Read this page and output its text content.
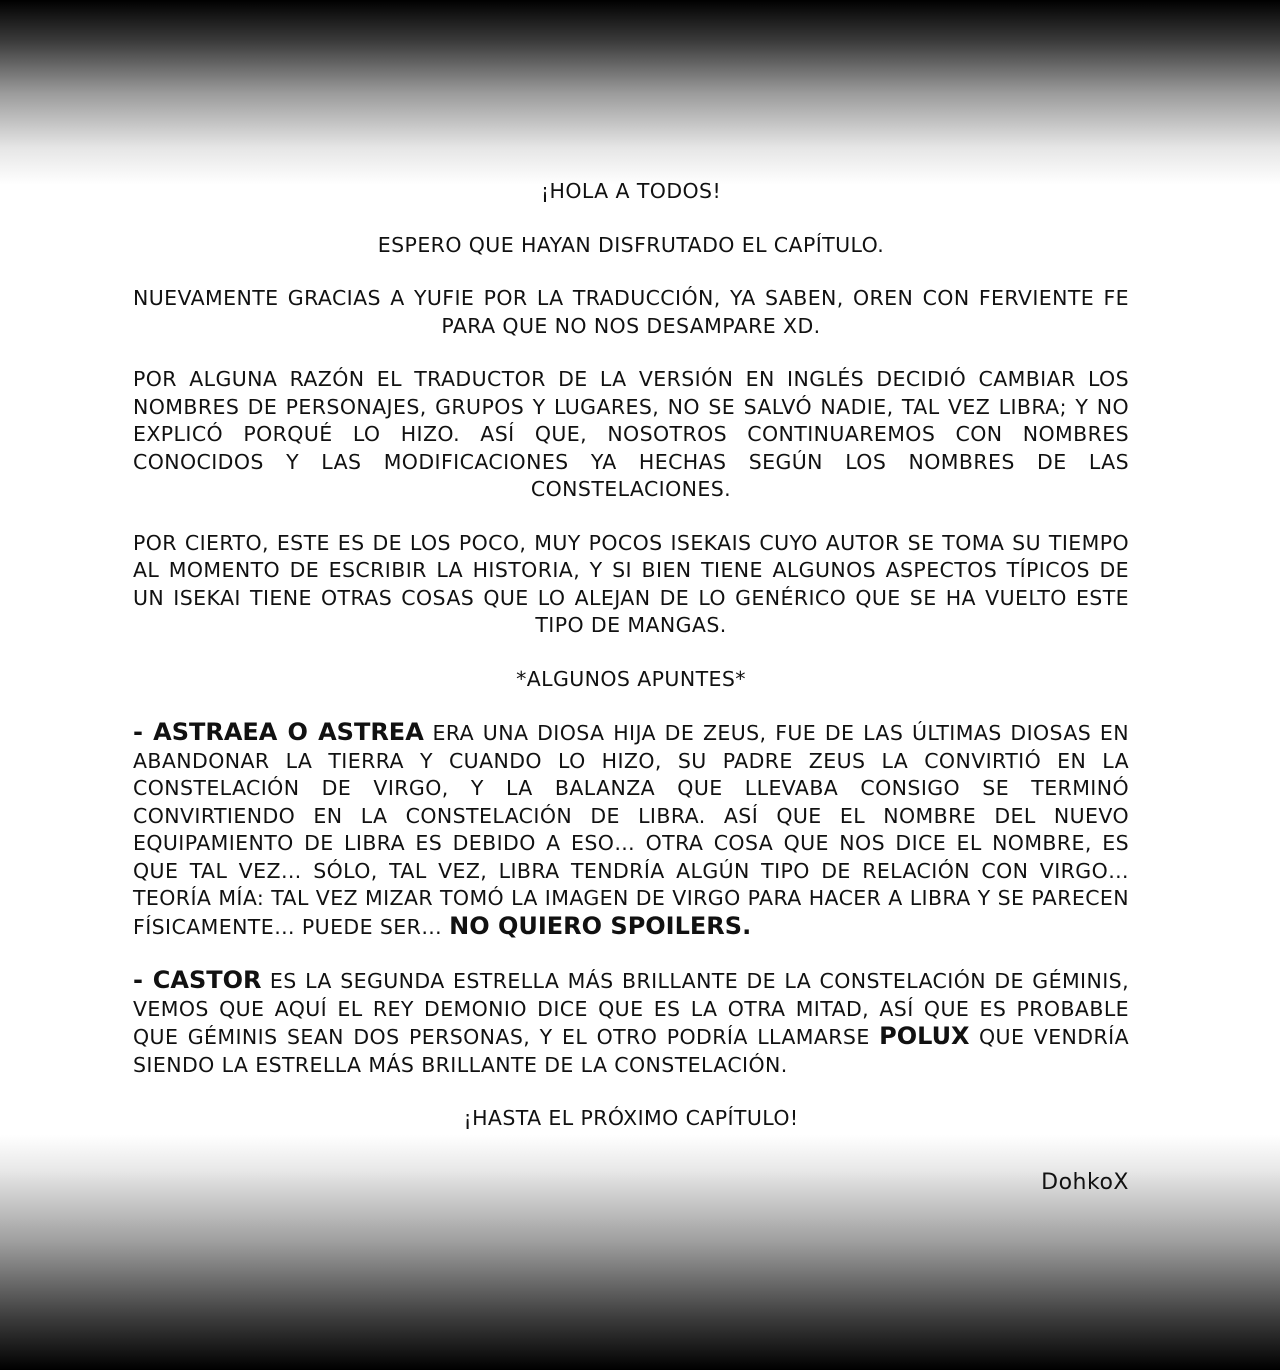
¡HOLA A TODOS!

ESPERO QUE HAYAN DISFRUTADO EL CAPÍTULO.

NUEVAMENTE GRACIAS A YUFIE POR LA TRADUCCIÓN, YA SABEN, OREN CON FERVIENTE FE PARA QUE NO NOS DESAMPARE XD.

POR ALGUNA RAZÓN EL TRADUCTOR DE LA VERSIÓN EN INGLÉS DECIDIÓ CAMBIAR LOS NOMBRES DE PERSONAJES, GRUPOS Y LUGARES, NO SE SALVÓ NADIE, TAL VEZ LIBRA; Y NO EXPLICÓ PORQUÉ LO HIZO. ASÍ QUE, NOSOTROS CONTINUAREMOS CON NOMBRES CONOCIDOS Y LAS MODIFICACIONES YA HECHAS SEGÚN LOS NOMBRES DE LAS CONSTELACIONES.

POR CIERTO, ESTE ES DE LOS POCO, MUY POCOS ISEKAIS CUYO AUTOR SE TOMA SU TIEMPO AL MOMENTO DE ESCRIBIR LA HISTORIA, Y SI BIEN TIENE ALGUNOS ASPECTOS TÍPICOS DE UN ISEKAI TIENE OTRAS COSAS QUE LO ALEJAN DE LO GENÉRICO QUE SE HA VUELTO ESTE TIPO DE MANGAS.

*ALGUNOS APUNTES*

- ASTRAEA O ASTREA ERA UNA DIOSA HIJA DE ZEUS, FUE DE LAS ÚLTIMAS DIOSAS EN ABANDONAR LA TIERRA Y CUANDO LO HIZO, SU PADRE ZEUS LA CONVIRTIÓ EN LA CONSTELACIÓN DE VIRGO, Y LA BALANZA QUE LLEVABA CONSIGO SE TERMINÓ CONVIRTIENDO EN LA CONSTELACIÓN DE LIBRA. ASÍ QUE EL NOMBRE DEL NUEVO EQUIPAMIENTO DE LIBRA ES DEBIDO A ESO… OTRA COSA QUE NOS DICE EL NOMBRE, ES QUE TAL VEZ… SÓLO, TAL VEZ, LIBRA TENDRÍA ALGÚN TIPO DE RELACIÓN CON VIRGO… TEORÍA MÍA: TAL VEZ MIZAR TOMÓ LA IMAGEN DE VIRGO PARA HACER A LIBRA Y SE PARECEN FÍSICAMENTE… PUEDE SER… NO QUIERO SPOILERS.

- CASTOR ES LA SEGUNDA ESTRELLA MÁS BRILLANTE DE LA CONSTELACIÓN DE GÉMINIS, VEMOS QUE AQUÍ EL REY DEMONIO DICE QUE ES LA OTRA MITAD, ASÍ QUE ES PROBABLE QUE GÉMINIS SEAN DOS PERSONAS, Y EL OTRO PODRÍA LLAMARSE POLUX QUE VENDRÍA SIENDO LA ESTRELLA MÁS BRILLANTE DE LA CONSTELACIÓN.

¡HASTA EL PRÓXIMO CAPÍTULO!

DohkoX
